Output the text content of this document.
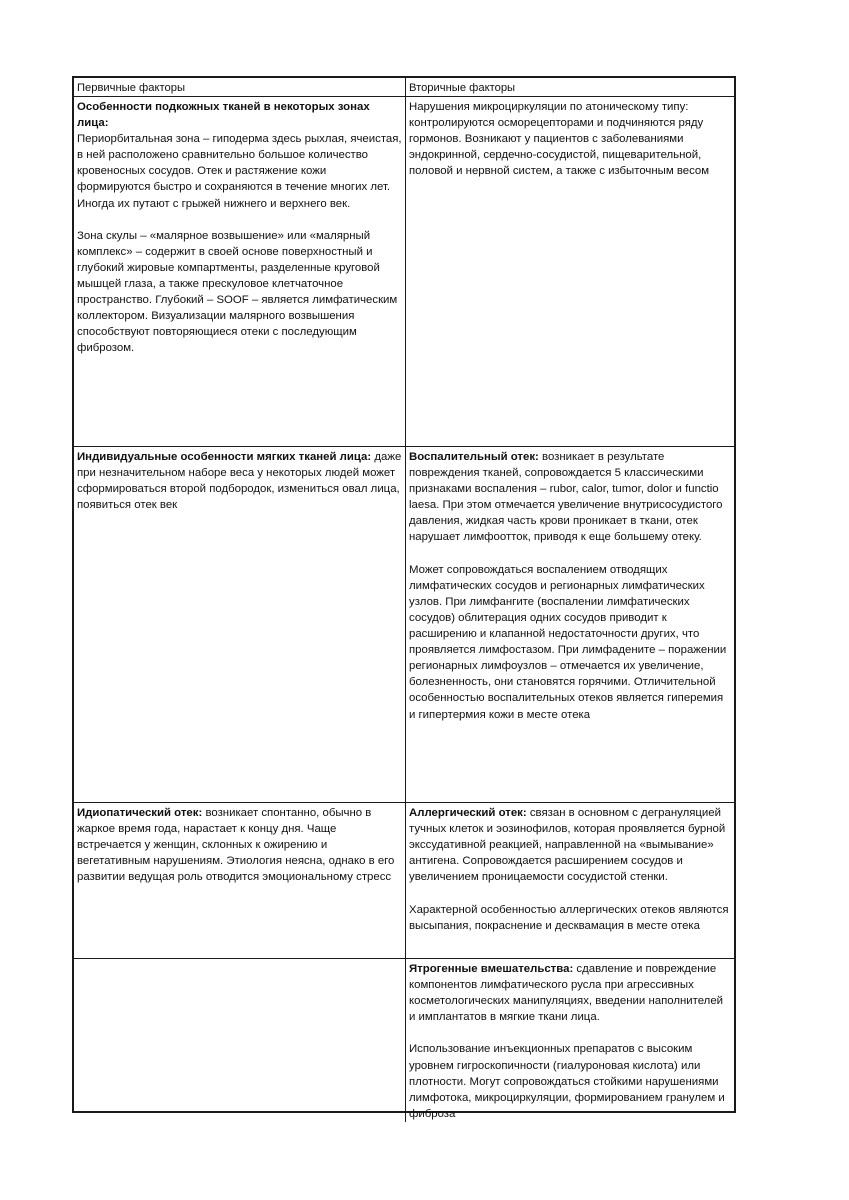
Первичные факторы	Вторичные факторы

Особенности подкожных тканей в некоторых зонах лица:
Периорбитальная зона – гиподерма здесь рыхлая, ячеистая, в ней расположено сравнительно большое количество кровеносных сосудов. Отек и растяжение кожи формируются быстро и сохраняются в течение многих лет. Иногда их путают с грыжей нижнего и верхнего век.

Зона скулы – «малярное возвышение» или «малярный комплекс» – содержит в своей основе поверхностный и глубокий жировые компартменты, разделенные круговой мышцей глаза, а также прескуловое клетчаточное пространство. Глубокий – SOOF – является лимфатическим коллектором. Визуализации малярного возвышения способствуют повторяющиеся отеки с последующим фиброзом.

Нарушения микроциркуляции по атоническому типу: контролируются осморецепторами и подчиняются ряду гормонов. Возникают у пациентов с заболеваниями эндокринной, сердечно-сосудистой, пищеварительной, половой и нервной систем, а также с избыточным весом

Индивидуальные особенности мягких тканей лица: даже при незначительном наборе веса у некоторых людей может сформироваться второй подбородок, измениться овал лица, появиться отек век

Воспалительный отек: возникает в результате повреждения тканей, сопровождается 5 классическими признаками воспаления – rubor, calor, tumor, dolor и functio laesa. При этом отмечается увеличение внутрисосудистого давления, жидкая часть крови проникает в ткани, отек нарушает лимфоотток, приводя к еще большему отеку.

Может сопровождаться воспалением отводящих лимфатических сосудов и регионарных лимфатических узлов. При лимфангите (воспалении лимфатических сосудов) облитерация одних сосудов приводит к расширению и клапанной недостаточности других, что проявляется лимфостазом. При лимфадените – поражении регионарных лимфоузлов – отмечается их увеличение, болезненность, они становятся горячими. Отличительной особенностью воспалительных отеков является гиперемия и гипертермия кожи в месте отека

Идиопатический отек: возникает спонтанно, обычно в жаркое время года, нарастает к концу дня. Чаще встречается у женщин, склонных к ожирению и вегетативным нарушениям. Этиология неясна, однако в его развитии ведущая роль отводится эмоциональному стресс

Аллергический отек: связан в основном с дегрануляцией тучных клеток и эозинофилов, которая проявляется бурной экссудативной реакцией, направленной на «вымывание» антигена. Сопровождается расширением сосудов и увеличением проницаемости сосудистой стенки.

Характерной особенностью аллергических отеков являются высыпания, покраснение и десквамация в месте отека

Ятрогенные вмешательства: сдавление и повреждение компонентов лимфатического русла при агрессивных косметологических манипуляциях, введении наполнителей и имплантатов в мягкие ткани лица.

Использование инъекционных препаратов с высоким уровнем гигроскопичности (гиалуроновая кислота) или плотности. Могут сопровождаться стойкими нарушениями лимфотока, микроциркуляции, формированием гранулем и фиброза
